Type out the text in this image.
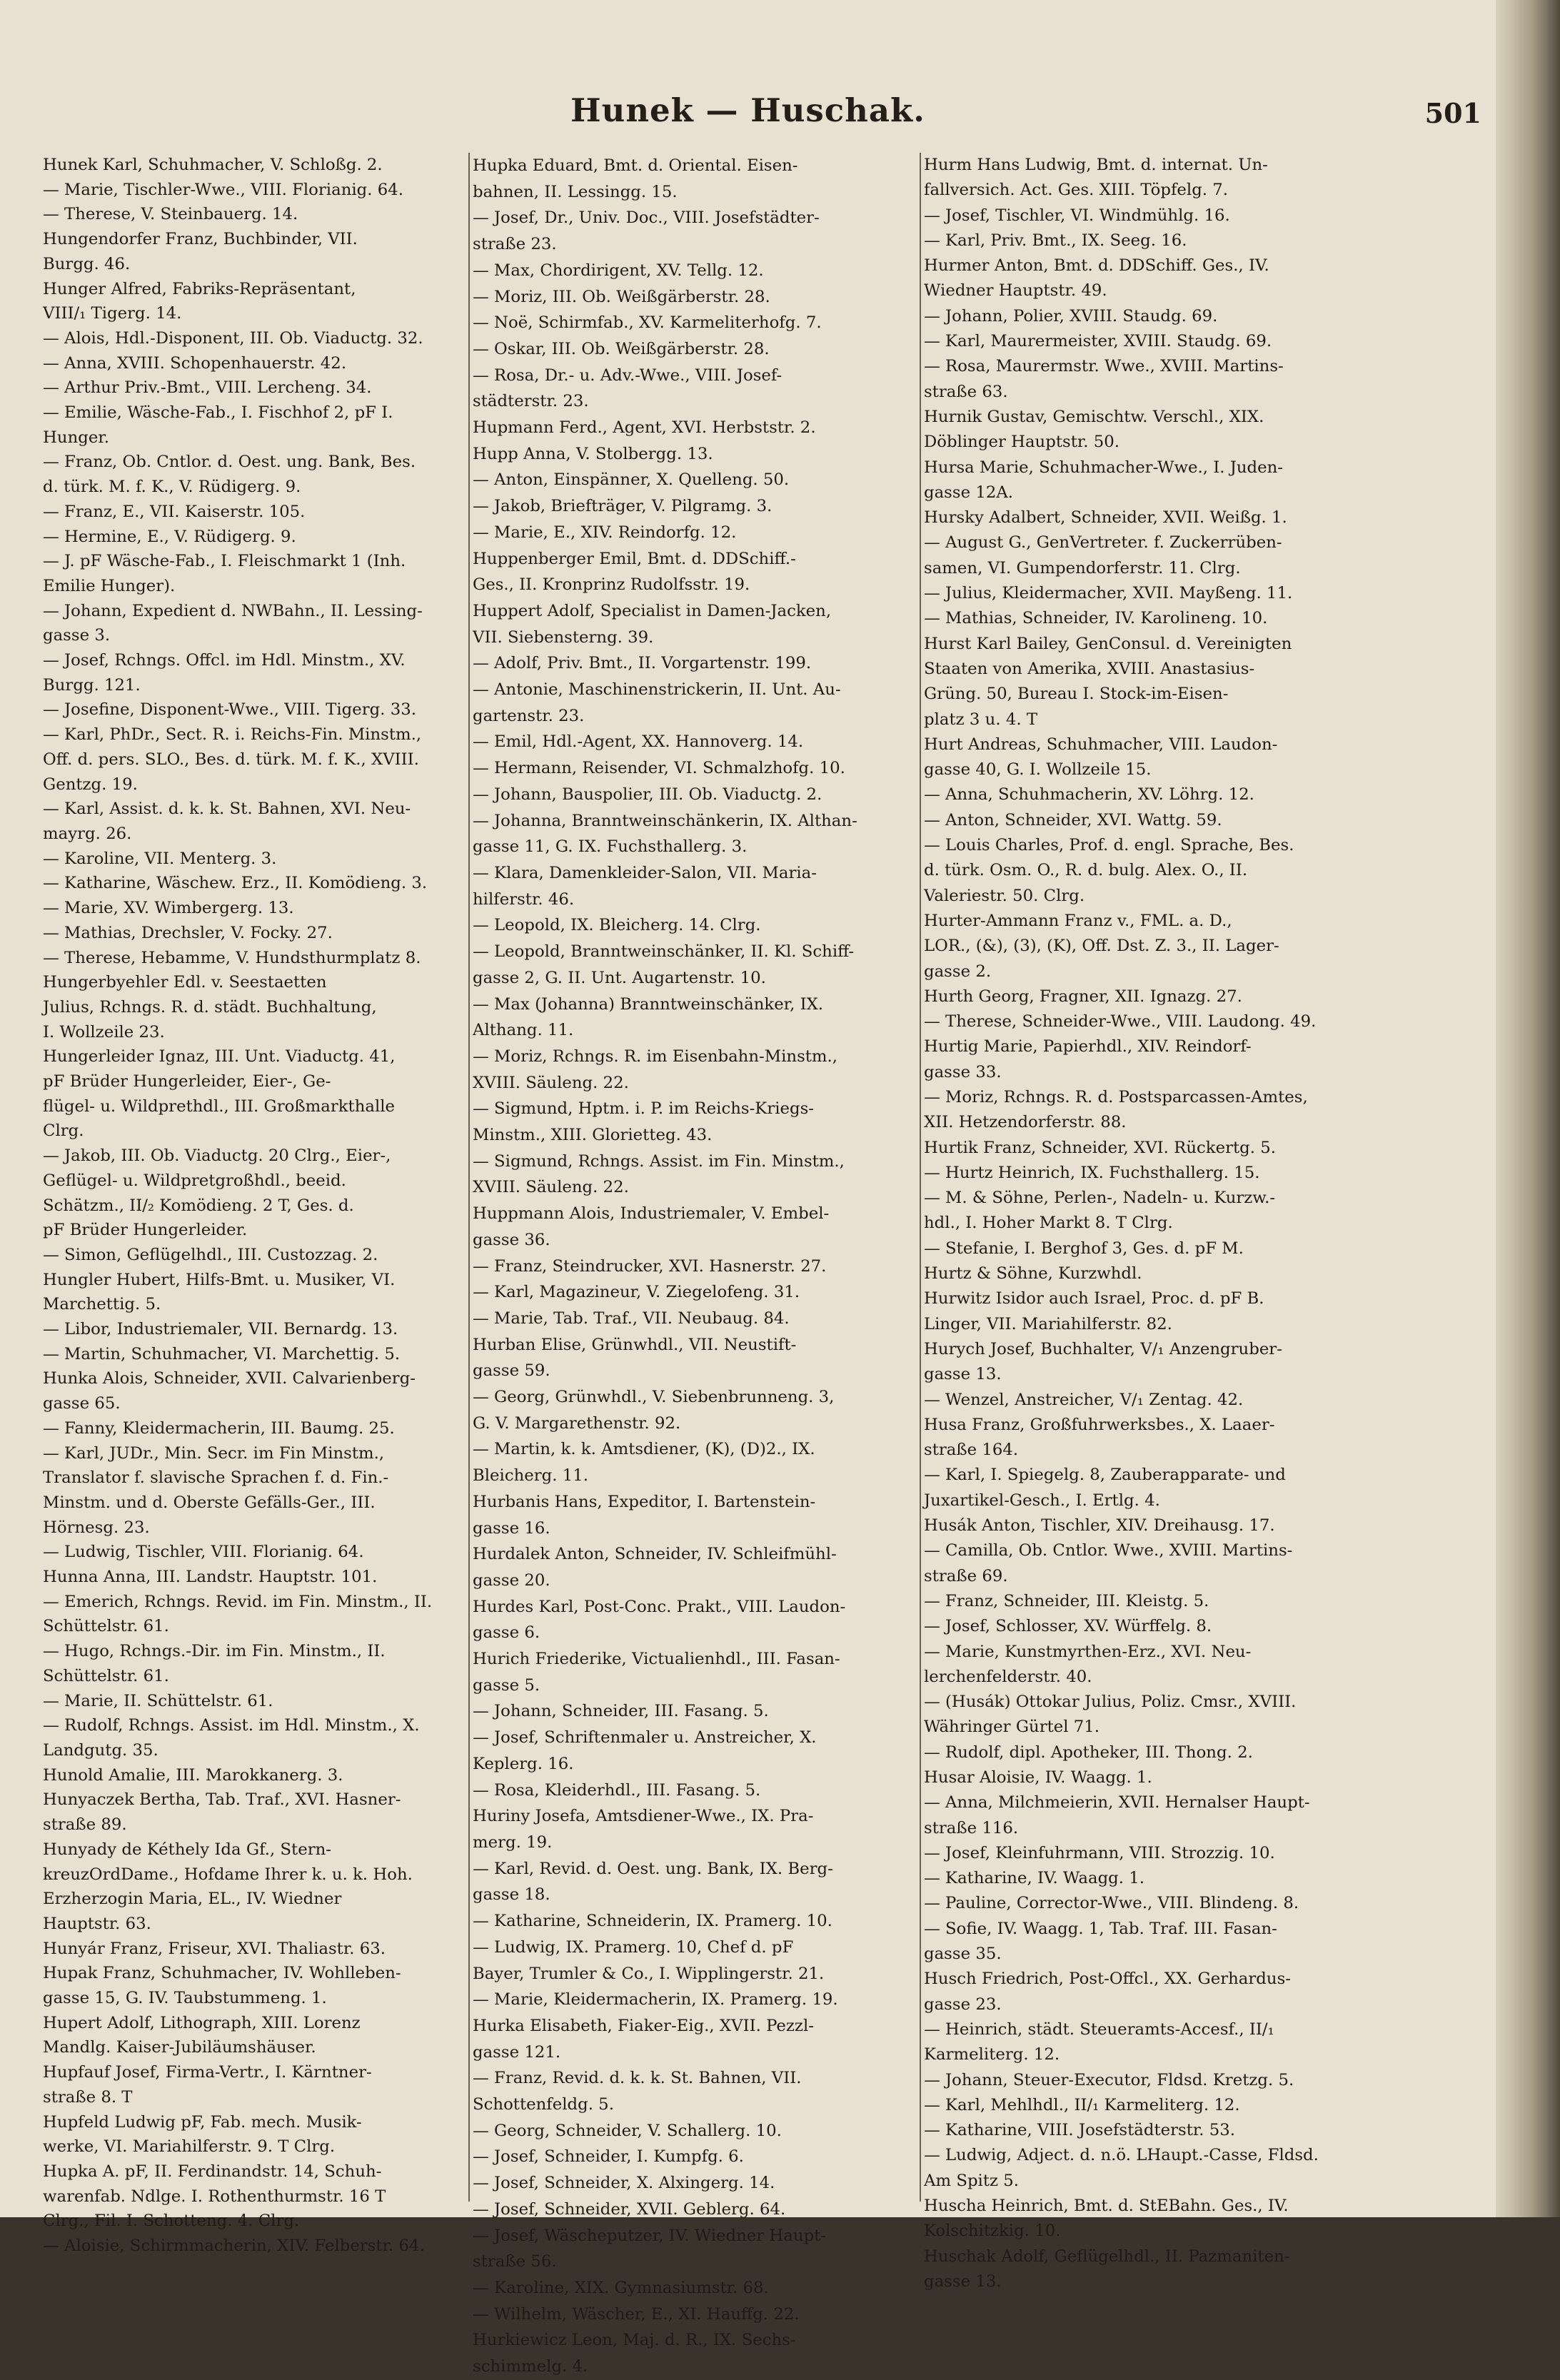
Hunek — Huschak.	501
Hunek Karl, Schuhmacher, V. Schloßg. 2.
— Marie, Tischler-Wwe., VIII. Florianig. 64.
— Therese, V. Steinbauerg. 14.
Hungendorfer Franz, Buchbinder, VII.
Burgg. 46.
Hunger Alfred, Fabriks-Repräsentant,
VIII/₁ Tigerg. 14.
— Alois, Hdl.-Disponent, III. Ob. Viaductg. 32.
— Anna, XVIII. Schopenhauerstr. 42.
— Arthur Priv.-Bmt., VIII. Lercheng. 34.
— Emilie, Wäsche-Fab., I. Fischhof 2, pF I.
Hunger.
— Franz, Ob. Cntlor. d. Oest. ung. Bank, Bes.
d. türk. M. f. K., V. Rüdigerg. 9.
— Franz, E., VII. Kaiserstr. 105.
— Hermine, E., V. Rüdigerg. 9.
— J. pF Wäsche-Fab., I. Fleischmarkt 1 (Inh.
Emilie Hunger).
— Johann, Expedient d. NWBahn., II. Lessing-
gasse 3.
— Josef, Rchngs. Offcl. im Hdl. Minstm., XV.
Burgg. 121.
— Josefine, Disponent-Wwe., VIII. Tigerg. 33.
— Karl, PhDr., Sect. R. i. Reichs-Fin. Minstm.,
Off. d. pers. SLO., Bes. d. türk. M. f. K., XVIII.
Gentzg. 19.
— Karl, Assist. d. k. k. St. Bahnen, XVI. Neu-
mayrg. 26.
— Karoline, VII. Menterg. 3.
— Katharine, Wäschew. Erz., II. Komödieng. 3.
— Marie, XV. Wimbergerg. 13.
— Mathias, Drechsler, V. Focky. 27.
— Therese, Hebamme, V. Hundsthurmplatz 8.
Hungerbyehler Edl. v. Seestaetten
Julius, Rchngs. R. d. städt. Buchhaltung,
I. Wollzeile 23.
Hungerleider Ignaz, III. Unt. Viaductg. 41,
pF Brüder Hungerleider, Eier-, Ge-
flügel- u. Wildprethdl., III. Großmarkthalle
Clrg.
— Jakob, III. Ob. Viaductg. 20 Clrg., Eier-,
Geflügel- u. Wildpretgroßhdl., beeid.
Schätzm., II/₂ Komödieng. 2 T, Ges. d.
pF Brüder Hungerleider.
— Simon, Geflügelhdl., III. Custozzag. 2.
Hungler Hubert, Hilfs-Bmt. u. Musiker, VI.
Marchettig. 5.
— Libor, Industriemaler, VII. Bernardg. 13.
— Martin, Schuhmacher, VI. Marchettig. 5.
Hunka Alois, Schneider, XVII. Calvarienberg-
gasse 65.
— Fanny, Kleidermacherin, III. Baumg. 25.
— Karl, JUDr., Min. Secr. im Fin Minstm.,
Translator f. slavische Sprachen f. d. Fin.-
Minstm. und d. Oberste Gefälls-Ger., III.
Hörnesg. 23.
— Ludwig, Tischler, VIII. Florianig. 64.
Hunna Anna, III. Landstr. Hauptstr. 101.
— Emerich, Rchngs. Revid. im Fin. Minstm., II.
Schüttelstr. 61.
— Hugo, Rchngs.-Dir. im Fin. Minstm., II.
Schüttelstr. 61.
— Marie, II. Schüttelstr. 61.
— Rudolf, Rchngs. Assist. im Hdl. Minstm., X.
Landgutg. 35.
Hunold Amalie, III. Marokkanerg. 3.
Hunyaczek Bertha, Tab. Traf., XVI. Hasner-
straße 89.
Hunyady de Kéthely Ida Gf., Stern-
kreuzOrdDame., Hofdame Ihrer k. u. k. Hoh.
Erzherzogin Maria, EL., IV. Wiedner
Hauptstr. 63.
Hunyár Franz, Friseur, XVI. Thaliastr. 63.
Hupak Franz, Schuhmacher, IV. Wohlleben-
gasse 15, G. IV. Taubstummeng. 1.
Hupert Adolf, Lithograph, XIII. Lorenz
Mandlg. Kaiser-Jubiläumshäuser.
Hupfauf Josef, Firma-Vertr., I. Kärntner-
straße 8. T
Hupfeld Ludwig pF, Fab. mech. Musik-
werke, VI. Mariahilferstr. 9. T Clrg.
Hupka A. pF, II. Ferdinandstr. 14, Schuh-
warenfab. Ndlge. I. Rothenthurmstr. 16 T
Clrg., Fil. I. Schotteng. 4. Clrg.
— Aloisie, Schirmmacherin, XIV. Felberstr. 64.
Hupka Eduard, Bmt. d. Oriental. Eisen-
bahnen, II. Lessingg. 15.
— Josef, Dr., Univ. Doc., VIII. Josefstädter-
straße 23.
— Max, Chordirigent, XV. Tellg. 12.
— Moriz, III. Ob. Weißgärberstr. 28.
— Noë, Schirmfab., XV. Karmeliterhofg. 7.
— Oskar, III. Ob. Weißgärberstr. 28.
— Rosa, Dr.- u. Adv.-Wwe., VIII. Josef-
städterstr. 23.
Hupmann Ferd., Agent, XVI. Herbststr. 2.
Hupp Anna, V. Stolbergg. 13.
— Anton, Einspänner, X. Quelleng. 50.
— Jakob, Briefträger, V. Pilgramg. 3.
— Marie, E., XIV. Reindorfg. 12.
Huppenberger Emil, Bmt. d. DDSchiff.-
Ges., II. Kronprinz Rudolfsstr. 19.
Huppert Adolf, Specialist in Damen-Jacken,
VII. Siebensterng. 39.
— Adolf, Priv. Bmt., II. Vorgartenstr. 199.
— Antonie, Maschinenstrickerin, II. Unt. Au-
gartenstr. 23.
— Emil, Hdl.-Agent, XX. Hannoverg. 14.
— Hermann, Reisender, VI. Schmalzhofg. 10.
— Johann, Bauspolier, III. Ob. Viaductg. 2.
— Johanna, Branntweinschänkerin, IX. Althan-
gasse 11, G. IX. Fuchsthallerg. 3.
— Klara, Damenkleider-Salon, VII. Maria-
hilferstr. 46.
— Leopold, IX. Bleicherg. 14. Clrg.
— Leopold, Branntweinschänker, II. Kl. Schiff-
gasse 2, G. II. Unt. Augartenstr. 10.
— Max (Johanna) Branntweinschänker, IX.
Althang. 11.
— Moriz, Rchngs. R. im Eisenbahn-Minstm.,
XVIII. Säuleng. 22.
— Sigmund, Hptm. i. P. im Reichs-Kriegs-
Minstm., XIII. Glorietteg. 43.
— Sigmund, Rchngs. Assist. im Fin. Minstm.,
XVIII. Säuleng. 22.
Huppmann Alois, Industriemaler, V. Embel-
gasse 36.
— Franz, Steindrucker, XVI. Hasnerstr. 27.
— Karl, Magazineur, V. Ziegelofeng. 31.
— Marie, Tab. Traf., VII. Neubaug. 84.
Hurban Elise, Grünwhdl., VII. Neustift-
gasse 59.
— Georg, Grünwhdl., V. Siebenbrunneng. 3,
G. V. Margarethenstr. 92.
— Martin, k. k. Amtsdiener, (K), (D)2., IX.
Bleicherg. 11.
Hurbanis Hans, Expeditor, I. Bartenstein-
gasse 16.
Hurdalek Anton, Schneider, IV. Schleifmühl-
gasse 20.
Hurdes Karl, Post-Conc. Prakt., VIII. Laudon-
gasse 6.
Hurich Friederike, Victualienhdl., III. Fasan-
gasse 5.
— Johann, Schneider, III. Fasang. 5.
— Josef, Schriftenmaler u. Anstreicher, X.
Keplerg. 16.
— Rosa, Kleiderhdl., III. Fasang. 5.
Huriny Josefa, Amtsdiener-Wwe., IX. Pra-
merg. 19.
— Karl, Revid. d. Oest. ung. Bank, IX. Berg-
gasse 18.
— Katharine, Schneiderin, IX. Pramerg. 10.
— Ludwig, IX. Pramerg. 10, Chef d. pF
Bayer, Trumler & Co., I. Wipplingerstr. 21.
— Marie, Kleidermacherin, IX. Pramerg. 19.
Hurka Elisabeth, Fiaker-Eig., XVII. Pezzl-
gasse 121.
— Franz, Revid. d. k. k. St. Bahnen, VII.
Schottenfeldg. 5.
— Georg, Schneider, V. Schallerg. 10.
— Josef, Schneider, I. Kumpfg. 6.
— Josef, Schneider, X. Alxingerg. 14.
— Josef, Schneider, XVII. Geblerg. 64.
— Josef, Wäscheputzer, IV. Wiedner Haupt-
straße 56.
— Karoline, XIX. Gymnasiumstr. 68.
— Wilhelm, Wäscher, E., XI. Hauffg. 22.
Hurkiewicz Leon, Maj. d. R., IX. Sechs-
schimmelg. 4.
Hurm Hans Ludwig, Bmt. d. internat. Un-
fallversich. Act. Ges. XIII. Töpfelg. 7.
— Josef, Tischler, VI. Windmühlg. 16.
— Karl, Priv. Bmt., IX. Seeg. 16.
Hurmer Anton, Bmt. d. DDSchiff. Ges., IV.
Wiedner Hauptstr. 49.
— Johann, Polier, XVIII. Staudg. 69.
— Karl, Maurermeister, XVIII. Staudg. 69.
— Rosa, Maurermstr. Wwe., XVIII. Martins-
straße 63.
Hurnik Gustav, Gemischtw. Verschl., XIX.
Döblinger Hauptstr. 50.
Hursa Marie, Schuhmacher-Wwe., I. Juden-
gasse 12A.
Hursky Adalbert, Schneider, XVII. Weißg. 1.
— August G., GenVertreter. f. Zuckerrüben-
samen, VI. Gumpendorferstr. 11. Clrg.
— Julius, Kleidermacher, XVII. Mayßeng. 11.
— Mathias, Schneider, IV. Karolineng. 10.
Hurst Karl Bailey, GenConsul. d. Vereinigten
Staaten von Amerika, XVIII. Anastasius-
Grüng. 50, Bureau I. Stock-im-Eisen-
platz 3 u. 4. T
Hurt Andreas, Schuhmacher, VIII. Laudon-
gasse 40, G. I. Wollzeile 15.
— Anna, Schuhmacherin, XV. Löhrg. 12.
— Anton, Schneider, XVI. Wattg. 59.
— Louis Charles, Prof. d. engl. Sprache, Bes.
d. türk. Osm. O., R. d. bulg. Alex. O., II.
Valeriestr. 50. Clrg.
Hurter-Ammann Franz v., FML. a. D.,
LOR., (&), (3), (K), Off. Dst. Z. 3., II. Lager-
gasse 2.
Hurth Georg, Fragner, XII. Ignazg. 27.
— Therese, Schneider-Wwe., VIII. Laudong. 49.
Hurtig Marie, Papierhdl., XIV. Reindorf-
gasse 33.
— Moriz, Rchngs. R. d. Postsparcassen-Amtes,
XII. Hetzendorferstr. 88.
Hurtik Franz, Schneider, XVI. Rückertg. 5.
— Hurtz Heinrich, IX. Fuchsthallerg. 15.
— M. & Söhne, Perlen-, Nadeln- u. Kurzw.-
hdl., I. Hoher Markt 8. T Clrg.
— Stefanie, I. Berghof 3, Ges. d. pF M.
Hurtz & Söhne, Kurzwhdl.
Hurwitz Isidor auch Israel, Proc. d. pF B.
Linger, VII. Mariahilferstr. 82.
Hurych Josef, Buchhalter, V/₁ Anzengruber-
gasse 13.
— Wenzel, Anstreicher, V/₁ Zentag. 42.
Husa Franz, Großfuhrwerksbes., X. Laaer-
straße 164.
— Karl, I. Spiegelg. 8, Zauberapparate- und
Juxartikel-Gesch., I. Ertlg. 4.
Husák Anton, Tischler, XIV. Dreihausg. 17.
— Camilla, Ob. Cntlor. Wwe., XVIII. Martins-
straße 69.
— Franz, Schneider, III. Kleistg. 5.
— Josef, Schlosser, XV. Würffelg. 8.
— Marie, Kunstmyrthen-Erz., XVI. Neu-
lerchenfelderstr. 40.
— (Husák) Ottokar Julius, Poliz. Cmsr., XVIII.
Währinger Gürtel 71.
— Rudolf, dipl. Apotheker, III. Thong. 2.
Husar Aloisie, IV. Waagg. 1.
— Anna, Milchmeierin, XVII. Hernalser Haupt-
straße 116.
— Josef, Kleinfuhrmann, VIII. Strozzig. 10.
— Katharine, IV. Waagg. 1.
— Pauline, Corrector-Wwe., VIII. Blindeng. 8.
— Sofie, IV. Waagg. 1, Tab. Traf. III. Fasan-
gasse 35.
Husch Friedrich, Post-Offcl., XX. Gerhardus-
gasse 23.
— Heinrich, städt. Steueramts-Accesf., II/₁
Karmeliterg. 12.
— Johann, Steuer-Executor, Fldsd. Kretzg. 5.
— Karl, Mehlhdl., II/₁ Karmeliterg. 12.
— Katharine, VIII. Josefstädterstr. 53.
— Ludwig, Adject. d. n.ö. LHaupt.-Casse, Fldsd.
Am Spitz 5.
Huscha Heinrich, Bmt. d. StEBahn. Ges., IV.
Kolschitzkig. 10.
Huschak Adolf, Geflügelhdl., II. Pazmaniten-
gasse 13.
